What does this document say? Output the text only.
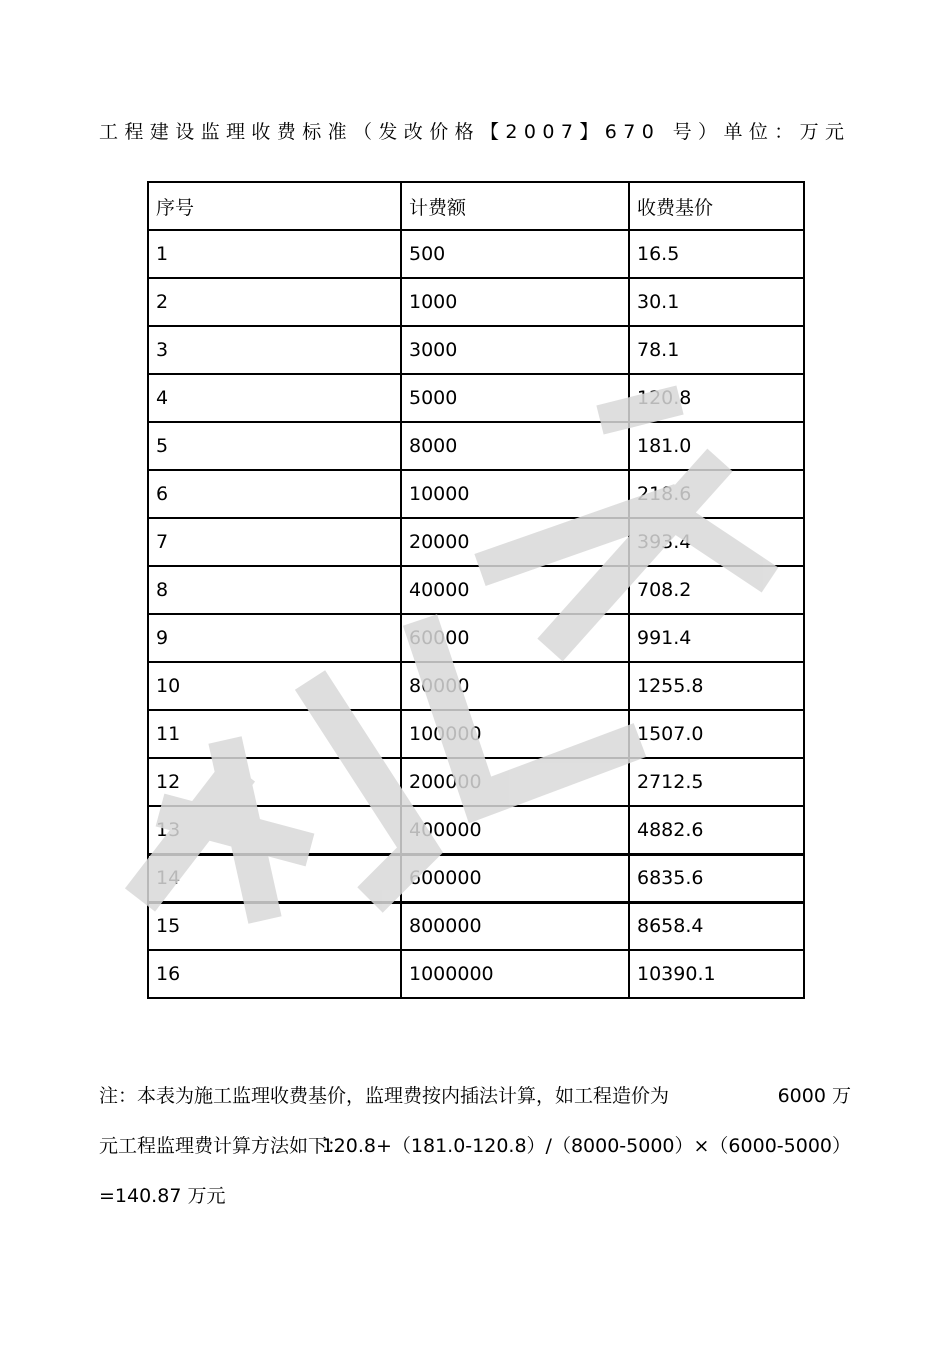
工程建设监理收费标准（发改价格【2007】670 号）单位：万元
序号	计费额	收费基价
1	500	16.5
2	1000	30.1
3	3000	78.1
4	5000	120.8
5	8000	181.0
6	10000	218.6
7	20000	393.4
8	40000	708.2
9	60000	991.4
10	80000	1255.8
11	100000	1507.0
12	200000	2712.5
13	400000	4882.6
14	600000	6835.6
15	800000	8658.4
16	1000000	10390.1
注：本表为施工监理收费基价，监理费按内插法计算，如工程造价为	6000 万
元工程监理费计算方法如下：
120.8+（181.0-120.8）/（8000-5000）×（6000-5000）
=140.87 万元
